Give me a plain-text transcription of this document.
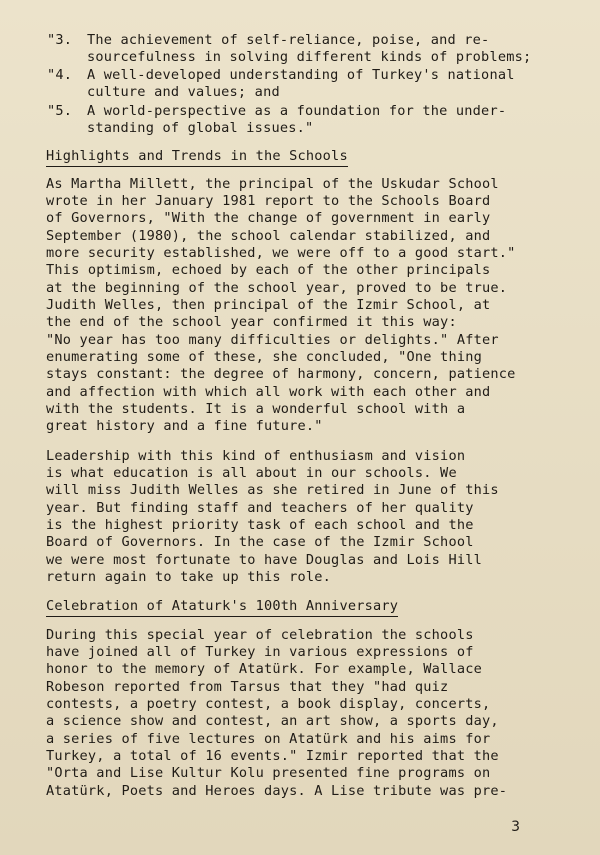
"3. The achievement of self-reliance, poise, and re-
sourcefulness in solving different kinds of problems;
"4. A well-developed understanding of Turkey's national
culture and values; and
"5. A world-perspective as a foundation for the under-
standing of global issues."
Highlights and Trends in the Schools
As Martha Millett, the principal of the Uskudar School
wrote in her January 1981 report to the Schools Board
of Governors, "With the change of government in early
September (1980), the school calendar stabilized, and
more security established, we were off to a good start."
This optimism, echoed by each of the other principals
at the beginning of the school year, proved to be true.
Judith Welles, then principal of the Izmir School, at
the end of the school year confirmed it this way:
"No year has too many difficulties or delights." After
enumerating some of these, she concluded, "One thing
stays constant: the degree of harmony, concern, patience
and affection with which all work with each other and
with the students. It is a wonderful school with a
great history and a fine future."
Leadership with this kind of enthusiasm and vision
is what education is all about in our schools. We
will miss Judith Welles as she retired in June of this
year. But finding staff and teachers of her quality
is the highest priority task of each school and the
Board of Governors. In the case of the Izmir School
we were most fortunate to have Douglas and Lois Hill
return again to take up this role.
Celebration of Ataturk's 100th Anniversary
During this special year of celebration the schools
have joined all of Turkey in various expressions of
honor to the memory of Atatürk. For example, Wallace
Robeson reported from Tarsus that they "had quiz
contests, a poetry contest, a book display, concerts,
a science show and contest, an art show, a sports day,
a series of five lectures on Atatürk and his aims for
Turkey, a total of 16 events." Izmir reported that the
"Orta and Lise Kultur Kolu presented fine programs on
Atatürk, Poets and Heroes days. A Lise tribute was pre-
3
